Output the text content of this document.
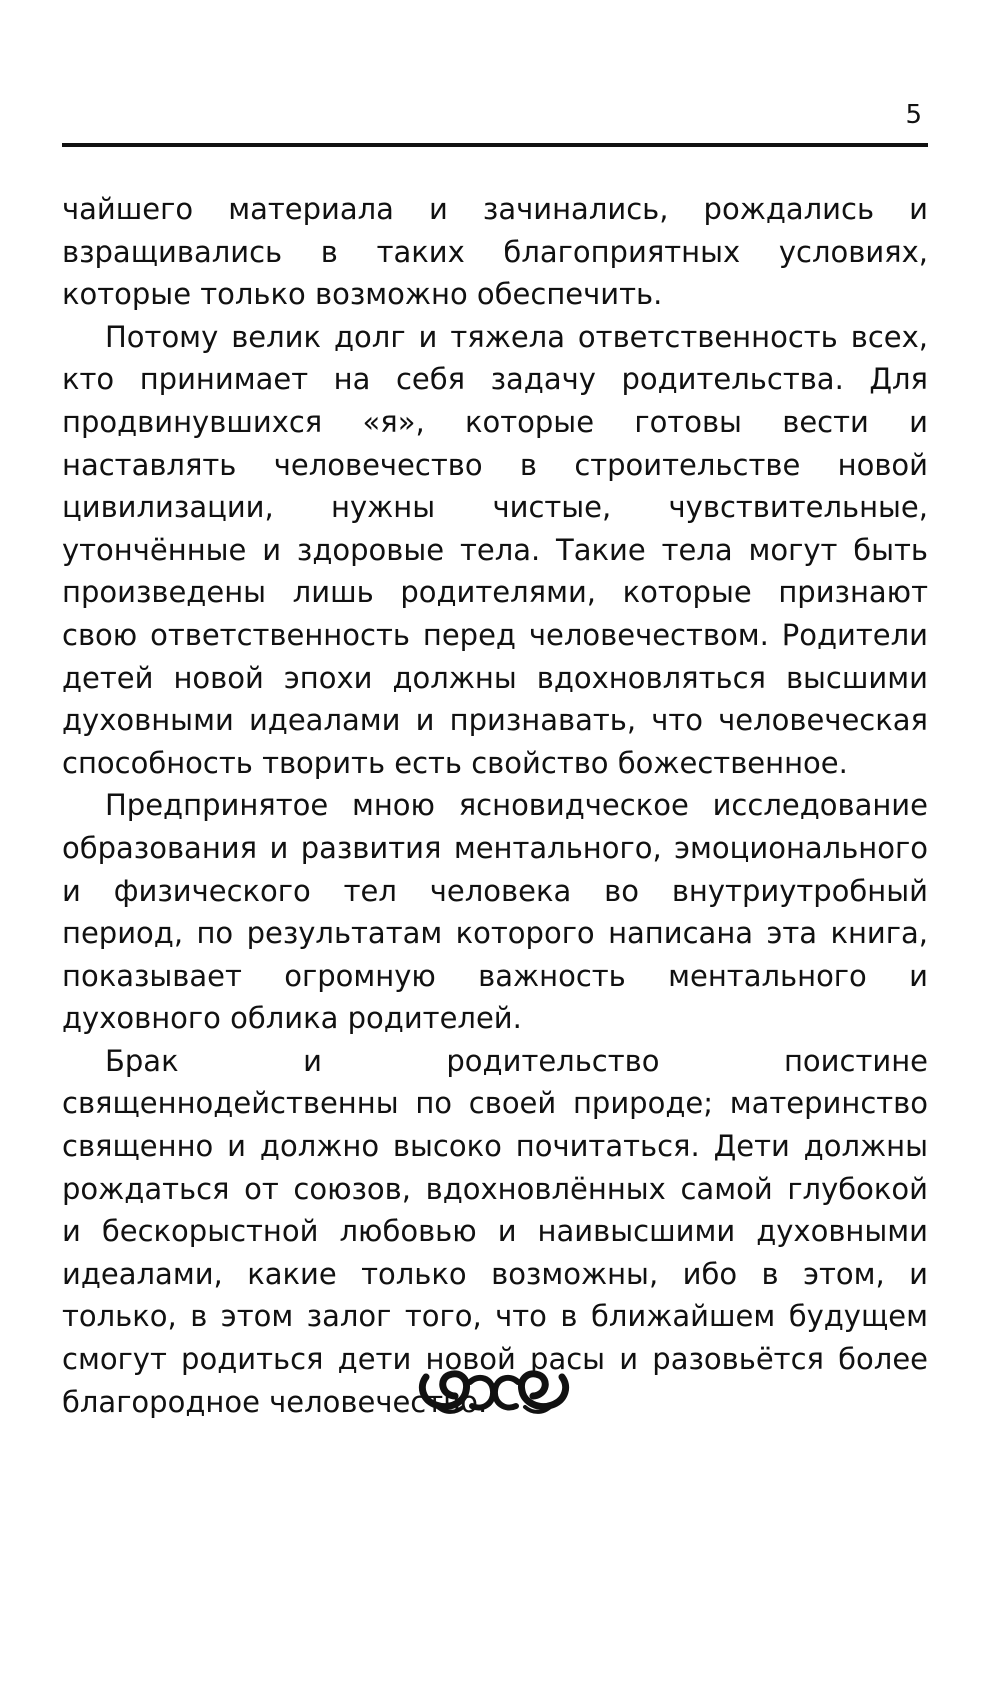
5

чайшего материала и зачинались, рождались и взращивались в таких благоприятных условиях, которые только возможно обеспечить.

Потому велик долг и тяжела ответственность всех, кто принимает на себя задачу родительства. Для продвинувшихся «я», которые готовы вести и наставлять человечество в строительстве новой цивилизации, нужны чистые, чувствительные, утончённые и здоровые тела. Такие тела могут быть произведены лишь родителями, которые признают свою ответственность перед человечеством. Родители детей новой эпохи должны вдохновляться высшими духовными идеалами и признавать, что человеческая способность творить есть свойство божественное.

Предпринятое мною ясновидческое исследование образования и развития ментального, эмоционального и физического тел человека во внутриутробный период, по результатам которого написана эта книга, показывает огромную важность ментального и духовного облика родителей.

Брак и родительство поистине священнодейственны по своей природе; материнство священно и должно высоко почитаться. Дети должны рождаться от союзов, вдохновлённых самой глубокой и бескорыстной любовью и наивысшими духовными идеалами, какие только возможны, ибо в этом, и только, в этом залог того, что в ближайшем будущем смогут родиться дети новой расы и разовьётся более благородное человечество.
